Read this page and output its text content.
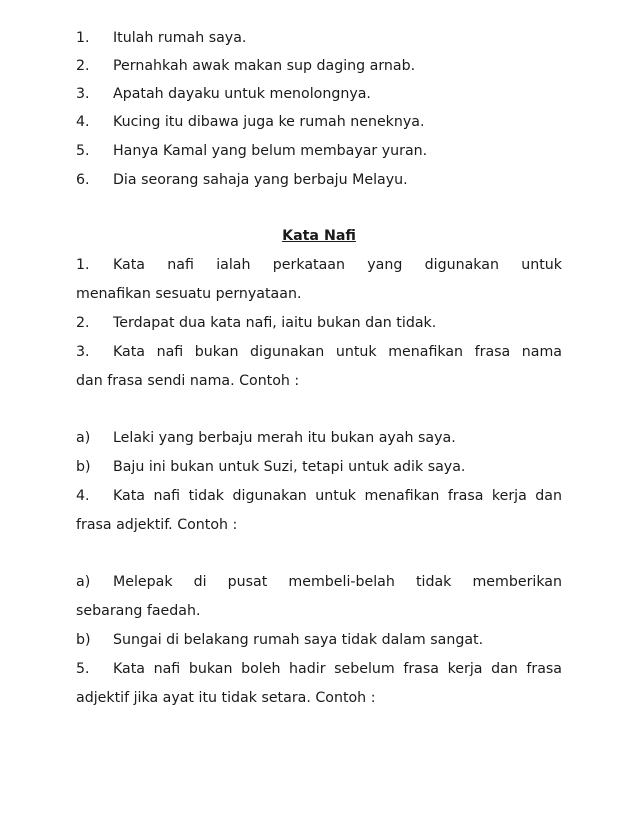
1. Itulah rumah saya.
2. Pernahkah awak makan sup daging arnab.
3. Apatah dayaku untuk menolongnya.
4. Kucing itu dibawa juga ke rumah neneknya.
5. Hanya Kamal yang belum membayar yuran.
6. Dia seorang sahaja yang berbaju Melayu.
Kata Nafi
1. Kata nafi ialah perkataan yang digunakan untuk
menafikan sesuatu pernyataan.
2. Terdapat dua kata nafi, iaitu bukan dan tidak.
3. Kata nafi bukan digunakan untuk menafikan frasa nama
dan frasa sendi nama. Contoh :
a) Lelaki yang berbaju merah itu bukan ayah saya.
b) Baju ini bukan untuk Suzi, tetapi untuk adik saya.
4. Kata nafi tidak digunakan untuk menafikan frasa kerja dan
frasa adjektif. Contoh :
a) Melepak di pusat membeli-belah tidak memberikan
sebarang faedah.
b) Sungai di belakang rumah saya tidak dalam sangat.
5. Kata nafi bukan boleh hadir sebelum frasa kerja dan frasa
adjektif jika ayat itu tidak setara. Contoh :
